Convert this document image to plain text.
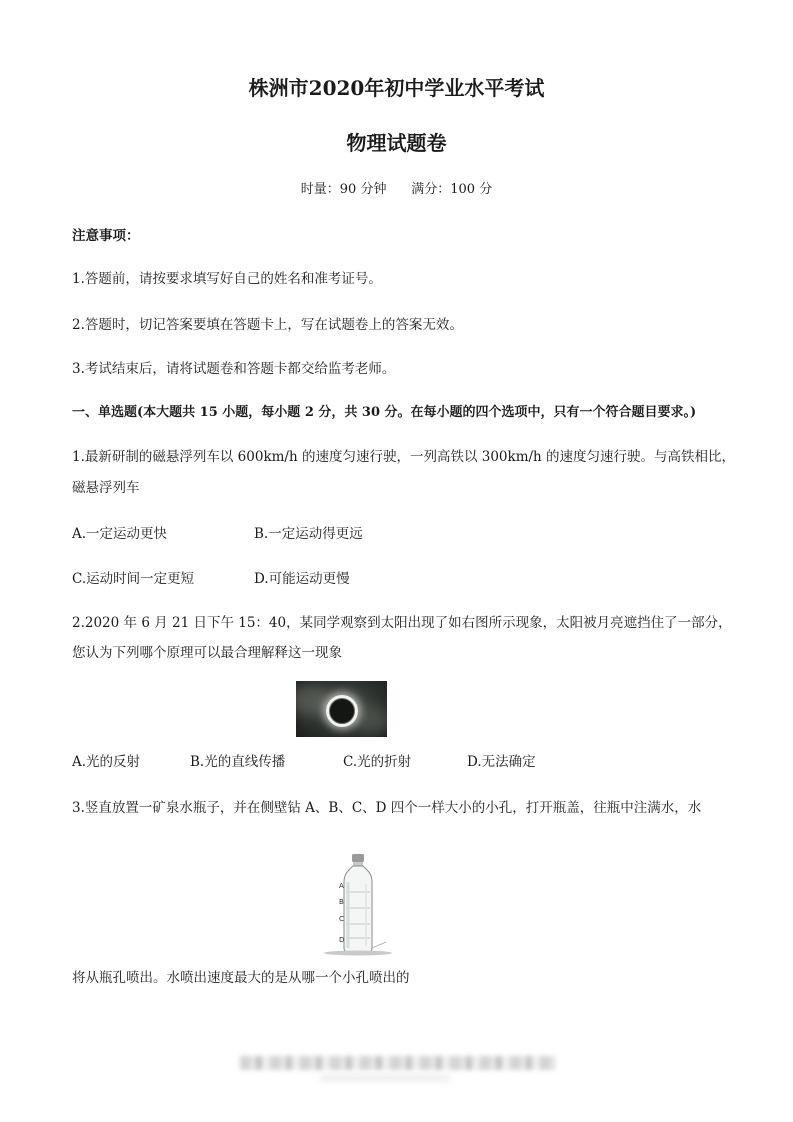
株洲市2020年初中学业水平考试
物理试题卷
时量：90 分钟      满分：100 分
注意事项：
1.答题前，请按要求填写好自己的姓名和准考证号。
2.答题时，切记答案要填在答题卡上，写在试题卷上的答案无效。
3.考试结束后，请将试题卷和答题卡都交给监考老师。
一、单选题(本大题共 15 小题，每小题 2 分，共 30 分。在每小题的四个选项中，只有一个符合题目要求。)
1.最新研制的磁悬浮列车以 600km/h 的速度匀速行驶，一列高铁以 300km/h 的速度匀速行驶。与高铁相比，
磁悬浮列车
A.一定运动更快	B.一定运动得更远
C.运动时间一定更短	D.可能运动更慢
2.2020 年 6 月 21 日下午 15：40，某同学观察到太阳出现了如右图所示现象，太阳被月亮遮挡住了一部分，
您认为下列哪个原理可以最合理解释这一现象
A.光的反射	B.光的直线传播	C.光的折射	D.无法确定
3.竖直放置一矿泉水瓶子，并在侧壁钻 A、B、C、D 四个一样大小的小孔，打开瓶盖，往瓶中注满水，水
A
B
C
D
将从瓶孔喷出。水喷出速度最大的是从哪一个小孔喷出的
